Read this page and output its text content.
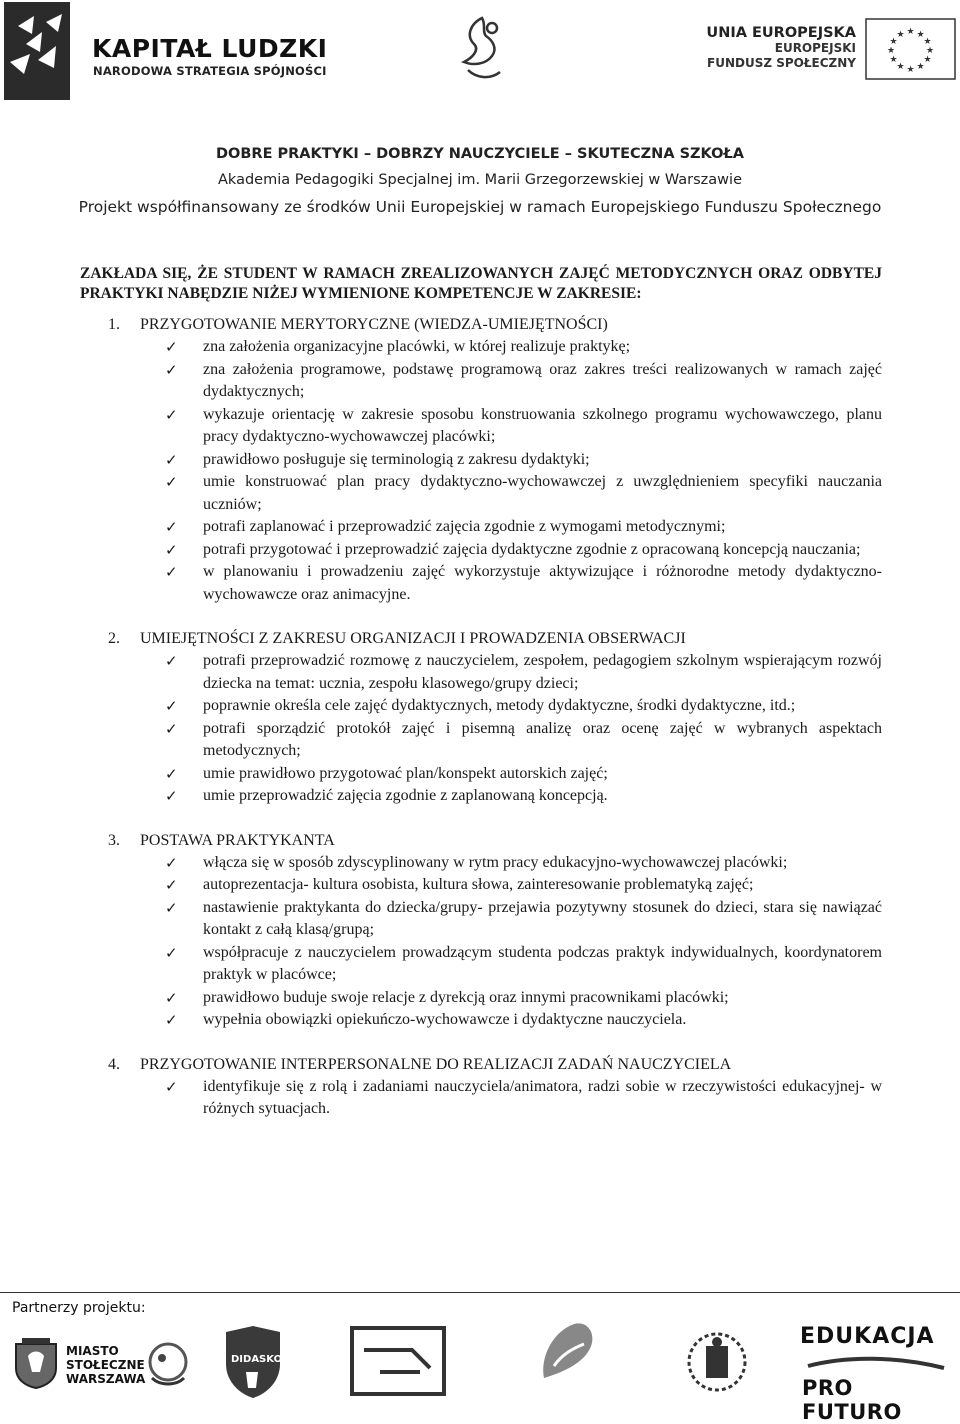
KAPITAŁ LUDZKI
NARODOWA STRATEGIA SPÓJNOŚCI
UNIA EUROPEJSKA
EUROPEJSKI
FUNDUSZ SPOŁECZNY
★ ★
★
★
★
★
★
★
★
★
★
★
DOBRE PRAKTYKI – DOBRZY NAUCZYCIELE – SKUTECZNA SZKOŁA
Akademia Pedagogiki Specjalnej im. Marii Grzegorzewskiej w Warszawie
Projekt współfinansowany ze środków Unii Europejskiej w ramach Europejskiego Funduszu Społecznego
ZAKŁADA SIĘ, ŻE STUDENT W RAMACH ZREALIZOWANYCH ZAJĘĆ METODYCZNYCH ORAZ ODBYTEJ PRAKTYKI NABĘDZIE NIŻEJ WYMIENIONE KOMPETENCJE W ZAKRESIE:
1. PRZYGOTOWANIE MERYTORYCZNE (WIEDZA-UMIEJĘTNOŚCI)
✓ zna założenia organizacyjne placówki, w której realizuje praktykę;
✓ zna założenia programowe, podstawę programową oraz zakres treści realizowanych w ramach zajęć dydaktycznych;
✓ wykazuje orientację w zakresie sposobu konstruowania szkolnego programu wychowawczego, planu pracy dydaktyczno-wychowawczej placówki;
✓ prawidłowo posługuje się terminologią z zakresu dydaktyki;
✓ umie konstruować plan pracy dydaktyczno-wychowawczej z uwzględnieniem specyfiki nauczania uczniów;
✓ potrafi zaplanować i przeprowadzić zajęcia zgodnie z wymogami metodycznymi;
✓ potrafi przygotować i przeprowadzić zajęcia dydaktyczne zgodnie z opracowaną koncepcją nauczania;
✓ w planowaniu i prowadzeniu zajęć wykorzystuje aktywizujące i różnorodne metody dydaktyczno-wychowawcze oraz animacyjne.
2. UMIEJĘTNOŚCI Z ZAKRESU ORGANIZACJI I PROWADZENIA OBSERWACJI
✓ potrafi przeprowadzić rozmowę z nauczycielem, zespołem, pedagogiem szkolnym wspierającym rozwój dziecka na temat: ucznia, zespołu klasowego/grupy dzieci;
✓ poprawnie określa cele zajęć dydaktycznych, metody dydaktyczne, środki dydaktyczne, itd.;
✓ potrafi sporządzić protokół zajęć i pisemną analizę oraz ocenę zajęć w wybranych aspektach metodycznych;
✓ umie prawidłowo przygotować plan/konspekt autorskich zajęć;
✓ umie przeprowadzić zajęcia zgodnie z zaplanowaną koncepcją.
3. POSTAWA PRAKTYKANTA
✓ włącza się w sposób zdyscyplinowany w rytm pracy edukacyjno-wychowawczej placówki;
✓ autoprezentacja- kultura osobista, kultura słowa, zainteresowanie problematyką zajęć;
✓ nastawienie praktykanta do dziecka/grupy- przejawia pozytywny stosunek do dzieci, stara się nawiązać kontakt z całą klasą/grupą;
✓ współpracuje z nauczycielem prowadzącym studenta podczas praktyk indywidualnych, koordynatorem praktyk w placówce;
✓ prawidłowo buduje swoje relacje z dyrekcją oraz innymi pracownikami placówki;
✓ wypełnia obowiązki opiekuńczo-wychowawcze i dydaktyczne nauczyciela.
4. PRZYGOTOWANIE INTERPERSONALNE DO REALIZACJI ZADAŃ NAUCZYCIELA
✓ identyfikuje się z rolą i zadaniami nauczyciela/animatora, radzi sobie w rzeczywistości edukacyjnej- w różnych sytuacjach.
Partnerzy projektu:
MIASTO
STOŁECZNE
WARSZAWA
DIDASKO
EDUKACJA
PRO FUTURO
